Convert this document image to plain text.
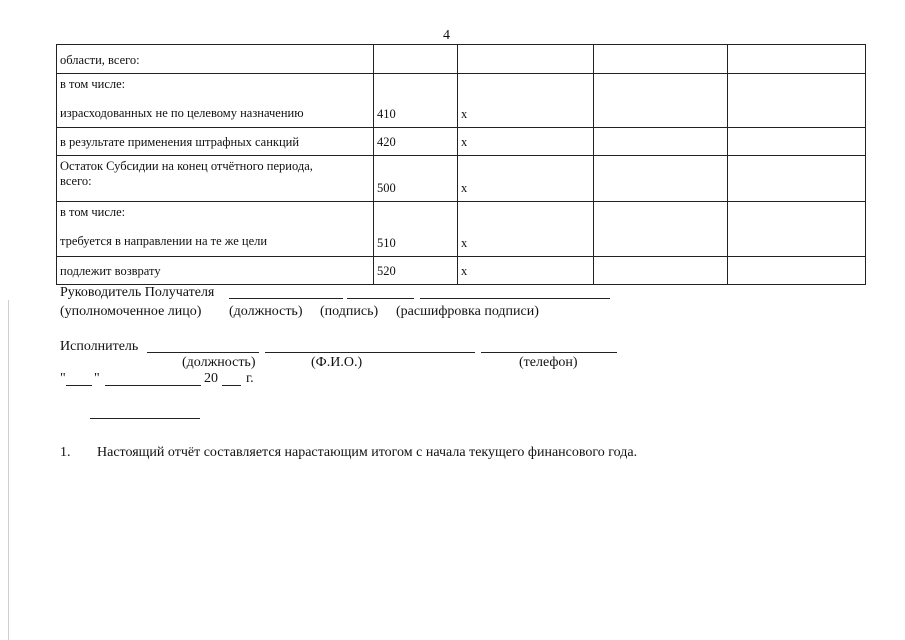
4
области, всего:				

в том числе:
израсходованных не по целевому назначению	410	х		
в результате применения штрафных санкций	420	х		

Остаток Субсидии на конец отчётного периода,
всего:	500	х		

в том числе:
требуется в направлении на те же цели	510	х		
подлежит возврату	520	х		
Руководитель Получателя
(уполномоченное лицо) (должность) (подпись) (расшифровка подписи)
Исполнитель
(должность)	(Ф.И.О.)	(телефон)
" "	20 г.
1. Настоящий отчёт составляется нарастающим итогом с начала текущего финансового года.
